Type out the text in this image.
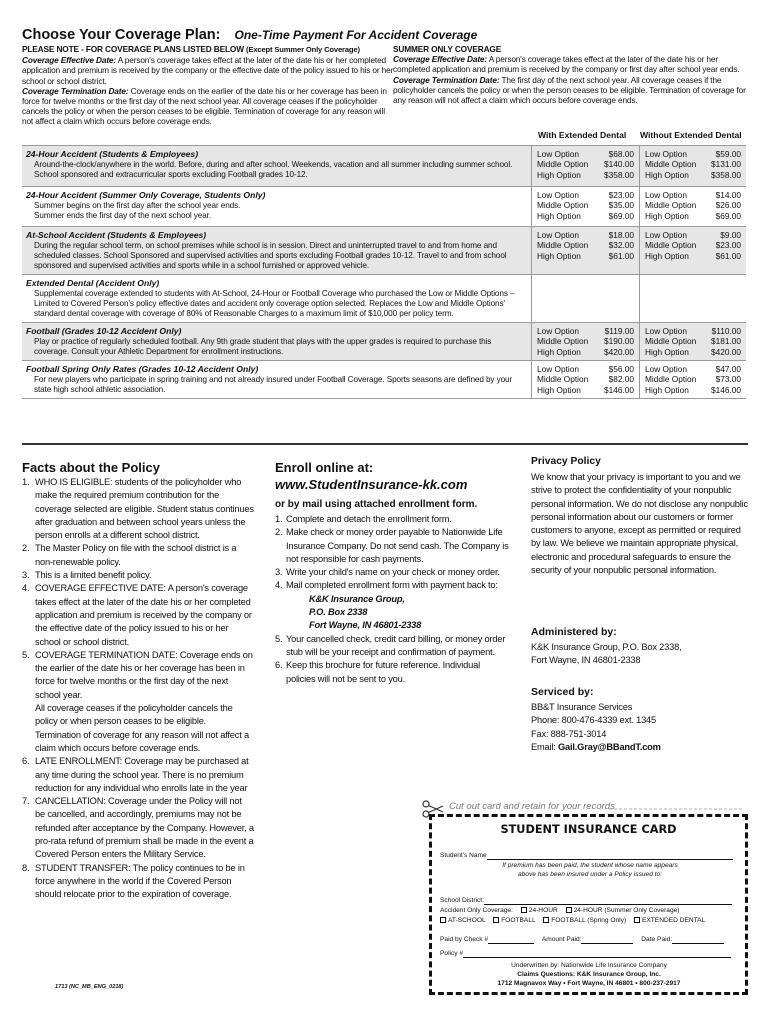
Choose Your Coverage Plan: One-Time Payment For Accident Coverage
PLEASE NOTE - FOR COVERAGE PLANS LISTED BELOW (Except Summer Only Coverage)
Coverage Effective Date: A person's coverage takes effect at the later of the date his or her completed application and premium is received by the company or the effective date of the policy issued to his or her school or school district.
Coverage Termination Date: Coverage ends on the earlier of the date his or her coverage has been in force for twelve months or the first day of the next school year. All coverage ceases if the policyholder cancels the policy or when the person ceases to be eligible. Termination of coverage for any reason will not affect a claim which occurs before coverage ends.
SUMMER ONLY COVERAGE
Coverage Effective Date: A person's coverage takes effect at the later of the date his or her completed application and premium is received by the company or first day after school year ends.
Coverage Termination Date: The first day of the next school year. All coverage ceases if the policyholder cancels the policy or when the person ceases to be eligible. Termination of coverage for any reason will not affect a claim which occurs before coverage ends.
With Extended Dental Without Extended Dental
24-Hour Accident (Students & Employees)
Around-the-clock/anywhere in the world. Before, during and after school. Weekends, vacation and all summer including summer school. School sponsored and extracurricular sports excluding Football grades 10-12.
Low Option	$68.00
Middle Option $140.00
High Option	$358.00
Low Option	$59.00
Middle Option $131.00
High Option	$358.00
24-Hour Accident (Summer Only Coverage, Students Only)
Summer begins on the first day after the school year ends.
Summer ends the first day of the next school year.
Low Option	$23.00
Middle Option $35.00
High Option	$69.00
Low Option	$14.00
Middle Option $26.00
High Option	$69.00
At-School Accident (Students & Employees)
During the regular school term, on school premises while school is in session. Direct and uninterrupted travel to and from home and scheduled classes. School Sponsored and supervised activities and sports excluding Football grades 10-12. Travel to and from school sponsored and supervised activities and sports while in a school furnished or approved vehicle.
Low Option	$18.00
Middle Option $32.00
High Option	$61.00
Low Option	$9.00
Middle Option $23.00
High Option	$61.00
Extended Dental (Accident Only)
Supplemental coverage extended to students with At-School, 24-Hour or Football Coverage who purchased the Low or Middle Options – Limited to Covered Person's policy effective dates and accident only coverage option selected. Replaces the Low and Middle Options' standard dental coverage with coverage of 80% of Reasonable Charges to a maximum limit of $10,000 per policy term.
Football (Grades 10-12 Accident Only)
Play or practice of regularly scheduled football. Any 9th grade student that plays with the upper grades is required to purchase this coverage. Consult your Athletic Department for enrollment instructions.
Low Option	$119.00
Middle Option $190.00
High Option	$420.00
Low Option	$110.00
Middle Option $181.00
High Option	$420.00
Football Spring Only Rates (Grades 10-12 Accident Only)
For new players who participate in spring training and not already insured under Football Coverage. Sports seasons are defined by your state high school athletic association.
Low Option	$56.00
Middle Option $82.00
High Option	$146.00
Low Option	$47.00
Middle Option $73.00
High Option	$146.00
Facts about the Policy
1. WHO IS ELIGIBLE: students of the policyholder who make the required premium contribution for the coverage selected are eligible. Student status continues after graduation and between school years unless the person enrolls at a different school district.
2. The Master Policy on file with the school district is a non-renewable policy.
3. This is a limited benefit policy.
4. COVERAGE EFFECTIVE DATE: A person's coverage takes effect at the later of the date his or her completed application and premium is received by the company or the effective date of the policy issued to his or her school or school district.
5. COVERAGE TERMINATION DATE: Coverage ends on the earlier of the date his or her coverage has been in force for twelve months or the first day of the next school year.
All coverage ceases if the policyholder cancels the policy or when person ceases to be eligible. Termination of coverage for any reason will not affect a claim which occurs before coverage ends.
6. LATE ENROLLMENT: Coverage may be purchased at any time during the school year. There is no premium reduction for any individual who enrolls late in the year
7. CANCELLATION: Coverage under the Policy will not be cancelled, and accordingly, premiums may not be refunded after acceptance by the Company. However, a pro-rata refund of premium shall be made in the event a Covered Person enters the Military Service.
8. STUDENT TRANSFER: The policy continues to be in force anywhere in the world if the Covered Person should relocate prior to the expiration of coverage.
1713 (NC_MB_ENG_0218)
Enroll online at:
www.StudentInsurance-kk.com
or by mail using attached enrollment form.
1. Complete and detach the enrollment form.
2. Make check or money order payable to Nationwide Life Insurance Company. Do not send cash. The Company is not responsible for cash payments.
3. Write your child's name on your check or money order.
4. Mail completed enrollment form with payment back to:
K&K Insurance Group,
P.O. Box 2338
Fort Wayne, IN 46801-2338
5. Your cancelled check, credit card billing, or money order stub will be your receipt and confirmation of payment.
6. Keep this brochure for future reference. Individual policies will not be sent to you.
Privacy Policy
We know that your privacy is important to you and we strive to protect the confidentiality of your nonpublic personal information. We do not disclose any nonpublic personal information about our customers or former customers to anyone, except as permitted or required by law. We believe we maintain appropriate physical, electronic and procedural safeguards to ensure the security of your nonpublic personal information.
Administered by:
K&K Insurance Group, P.O. Box 2338,
Fort Wayne, IN 46801-2338
Serviced by:
BB&T Insurance Services
Phone: 800-476-4339 ext. 1345
Fax: 888-751-3014
Email: Gail.Gray@BBandT.com
Cut out card and retain for your records
STUDENT INSURANCE CARD
Student's Name
If premium has been paid, the student whose name appears
above has been insured under a Policy issued to:
School District:
Accident Only Coverage: 24-HOUR 24-HOUR (Summer Only Coverage)
AT-SCHOOL FOOTBALL FOOTBALL (Spring Only) EXTENDED DENTAL
Paid by Check #	Amount Paid:	Date Paid:
Policy #
Underwritten by: Nationwide Life Insurance Company
Claims Questions: K&K Insurance Group, Inc.
1712 Magnavox Way • Fort Wayne, IN 46801 • 800-237-2917
